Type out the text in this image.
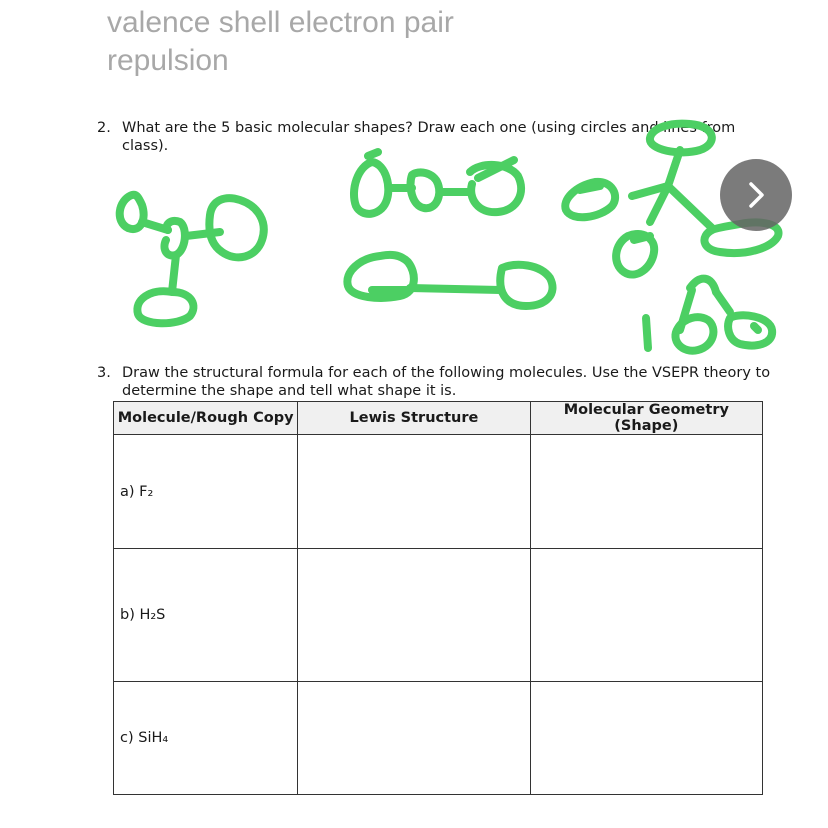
valence shell electron pair repulsion
2. What are the 5 basic molecular shapes? Draw each one (using circles and lines from class).
3. Draw the structural formula for each of the following molecules. Use the VSEPR theory to determine the shape and tell what shape it is.
Molecule/Rough Copy	Lewis Structure	Molecular Geometry (Shape)
a) F₂		
b) H₂S		
c) SiH₄		
